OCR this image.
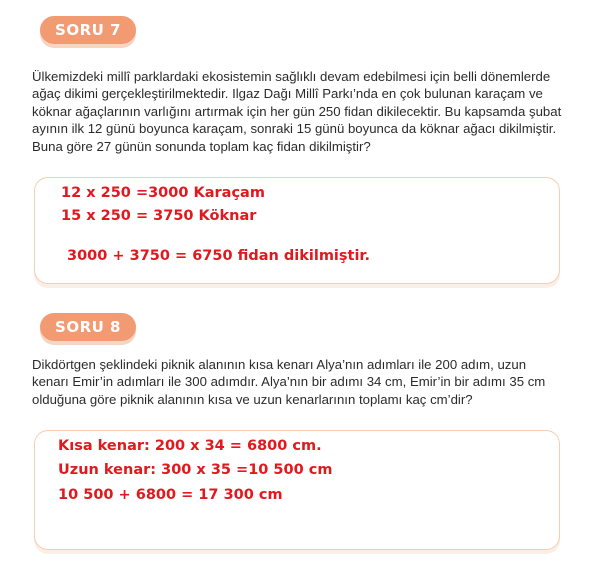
SORU 7
Ülkemizdeki millî parklardaki ekosistemin sağlıklı devam edebilmesi için belli dönemlerde ağaç dikimi gerçekleştirilmektedir. Ilgaz Dağı Millî Parkı’nda en çok bulunan karaçam ve köknar ağaçlarının varlığını artırmak için her gün 250 fidan dikilecektir. Bu kapsamda şubat ayının ilk 12 günü boyunca karaçam, sonraki 15 günü boyunca da köknar ağacı dikilmiştir. Buna göre 27 günün sonunda toplam kaç fidan dikilmiştir?
12 x 250 =3000 Karaçam
15 x 250 = 3750 Köknar
3000 + 3750 = 6750 fidan dikilmiştir.
SORU 8
Dikdörtgen şeklindeki piknik alanının kısa kenarı Alya’nın adımları ile 200 adım, uzun kenarı Emir’in adımları ile 300 adımdır. Alya’nın bir adımı 34 cm, Emir’in bir adımı 35 cm olduğuna göre piknik alanının kısa ve uzun kenarlarının toplamı kaç cm’dir?
Kısa kenar: 200 x 34 = 6800 cm.
Uzun kenar: 300 x 35 =10 500 cm
10 500 + 6800 = 17 300 cm
